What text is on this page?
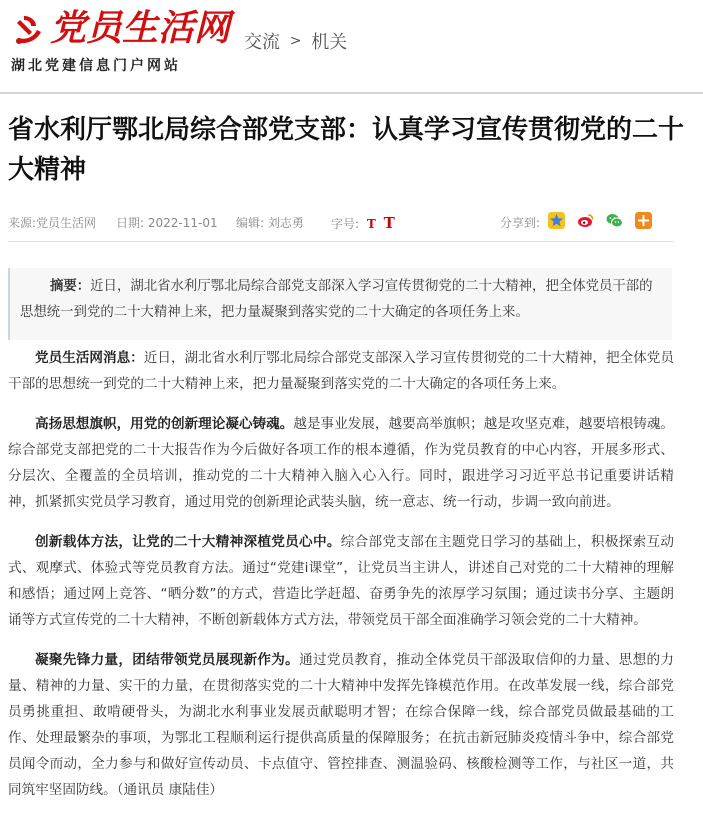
党员生活网
湖北党建信息门户网站
交流 > 机关
省水利厅鄂北局综合部党支部：认真学习宣传贯彻党的二十大精神
来源:党员生活网 日期: 2022-11-01 编辑: 刘志勇 字号: T T	分享到:
摘要：近日，湖北省水利厅鄂北局综合部党支部深入学习宣传贯彻党的二十大精神，把全体党员干部的思想统一到党的二十大精神上来，把力量凝聚到落实党的二十大确定的各项任务上来。

党员生活网消息：近日，湖北省水利厅鄂北局综合部党支部深入学习宣传贯彻党的二十大精神，把全体党员干部的思想统一到党的二十大精神上来，把力量凝聚到落实党的二十大确定的各项任务上来。

高扬思想旗帜，用党的创新理论凝心铸魂。越是事业发展，越要高举旗帜；越是攻坚克难，越要培根铸魂。综合部党支部把党的二十大报告作为今后做好各项工作的根本遵循，作为党员教育的中心内容，开展多形式、分层次、全覆盖的全员培训，推动党的二十大精神入脑入心入行。同时，跟进学习习近平总书记重要讲话精神，抓紧抓实党员学习教育，通过用党的创新理论武装头脑，统一意志、统一行动，步调一致向前进。

创新载体方法，让党的二十大精神深植党员心中。综合部党支部在主题党日学习的基础上，积极探索互动式、观摩式、体验式等党员教育方法。通过“党建i课堂”，让党员当主讲人，讲述自己对党的二十大精神的理解和感悟；通过网上竞答、“晒分数”的方式，营造比学赶超、奋勇争先的浓厚学习氛围；通过读书分享、主题朗诵等方式宣传党的二十大精神，不断创新载体方式方法，带领党员干部全面准确学习领会党的二十大精神。

凝聚先锋力量，团结带领党员展现新作为。通过党员教育，推动全体党员干部汲取信仰的力量、思想的力量、精神的力量、实干的力量，在贯彻落实党的二十大精神中发挥先锋模范作用。在改革发展一线，综合部党员勇挑重担、敢啃硬骨头，为湖北水利事业发展贡献聪明才智；在综合保障一线，综合部党员做最基础的工作、处理最繁杂的事项，为鄂北工程顺利运行提供高质量的保障服务；在抗击新冠肺炎疫情斗争中，综合部党员闻令而动，全力参与和做好宣传动员、卡点值守、管控排查、测温验码、核酸检测等工作，与社区一道，共同筑牢坚固防线。（通讯员 康陆佳）
